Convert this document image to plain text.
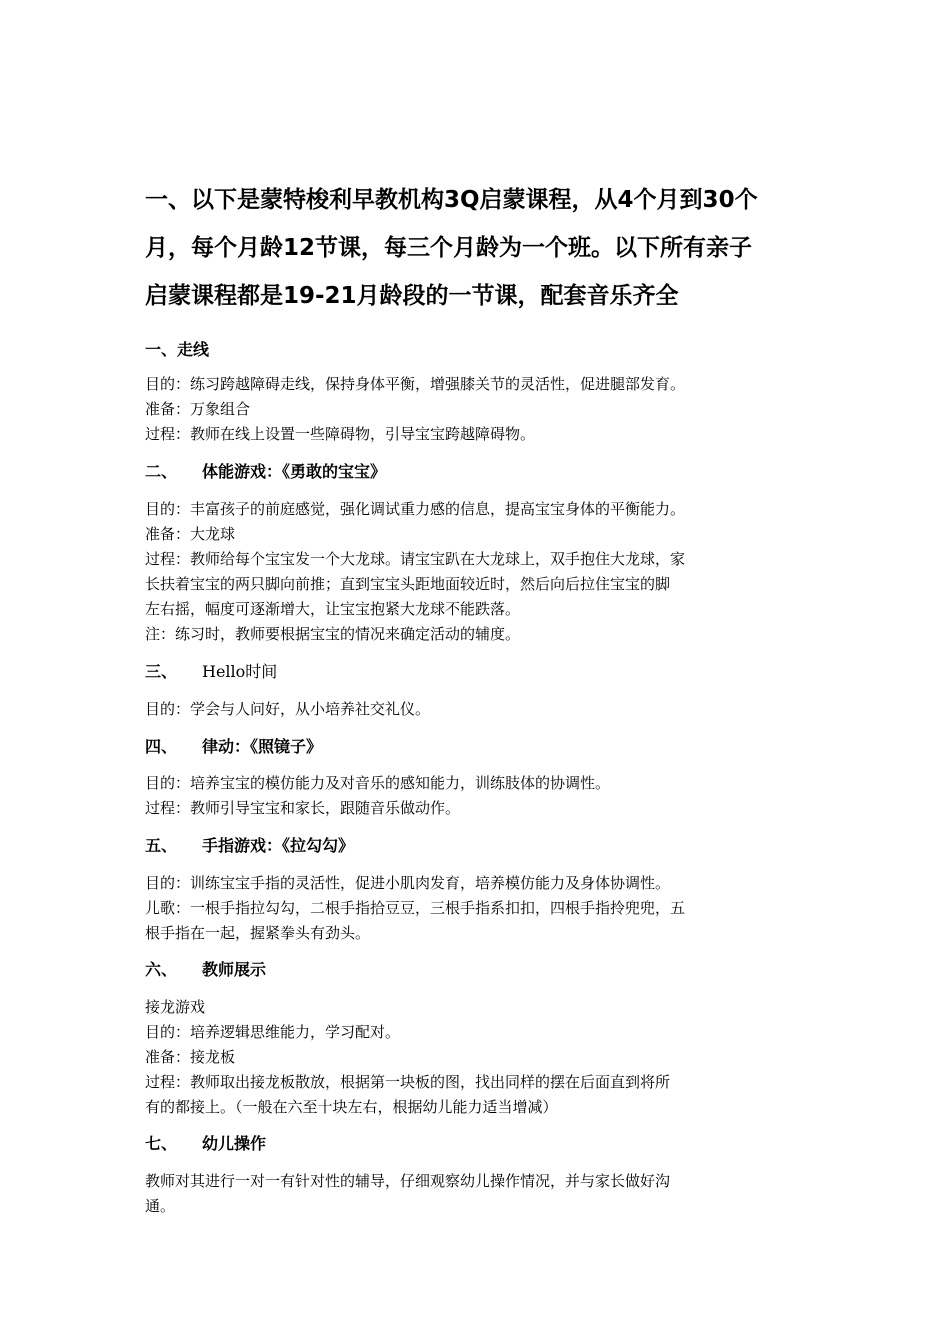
一、以下是蒙特梭利早教机构3Q启蒙课程，从4个月到30个
月，每个月龄12节课，每三个月龄为一个班。以下所有亲子
启蒙课程都是19-21月龄段的一节课，配套音乐齐全
一、走线
目的：练习跨越障碍走线，保持身体平衡，增强膝关节的灵活性，促进腿部发育。
准备：万象组合
过程：教师在线上设置一些障碍物，引导宝宝跨越障碍物。
二、 体能游戏：《勇敢的宝宝》
目的：丰富孩子的前庭感觉，强化调试重力感的信息，提高宝宝身体的平衡能力。
准备：大龙球
过程：教师给每个宝宝发一个大龙球。请宝宝趴在大龙球上，双手抱住大龙球，家
长扶着宝宝的两只脚向前推；直到宝宝头距地面较近时，然后向后拉住宝宝的脚
左右摇，幅度可逐渐增大，让宝宝抱紧大龙球不能跌落。
注：练习时，教师要根据宝宝的情况来确定活动的辅度。
三、 Hello时间
目的：学会与人问好，从小培养社交礼仪。
四、 律动：《照镜子》
目的：培养宝宝的模仿能力及对音乐的感知能力，训练肢体的协调性。
过程：教师引导宝宝和家长，跟随音乐做动作。
五、 手指游戏：《拉勾勾》
目的：训练宝宝手指的灵活性，促进小肌肉发育，培养模仿能力及身体协调性。
儿歌：一根手指拉勾勾，二根手指拾豆豆，三根手指系扣扣，四根手指拎兜兜，五
根手指在一起，握紧拳头有劲头。
六、 教师展示
接龙游戏
目的：培养逻辑思维能力，学习配对。
准备：接龙板
过程：教师取出接龙板散放，根据第一块板的图，找出同样的摆在后面直到将所
有的都接上。（一般在六至十块左右，根据幼儿能力适当增减）
七、 幼儿操作
教师对其进行一对一有针对性的辅导，仔细观察幼儿操作情况，并与家长做好沟
通。
